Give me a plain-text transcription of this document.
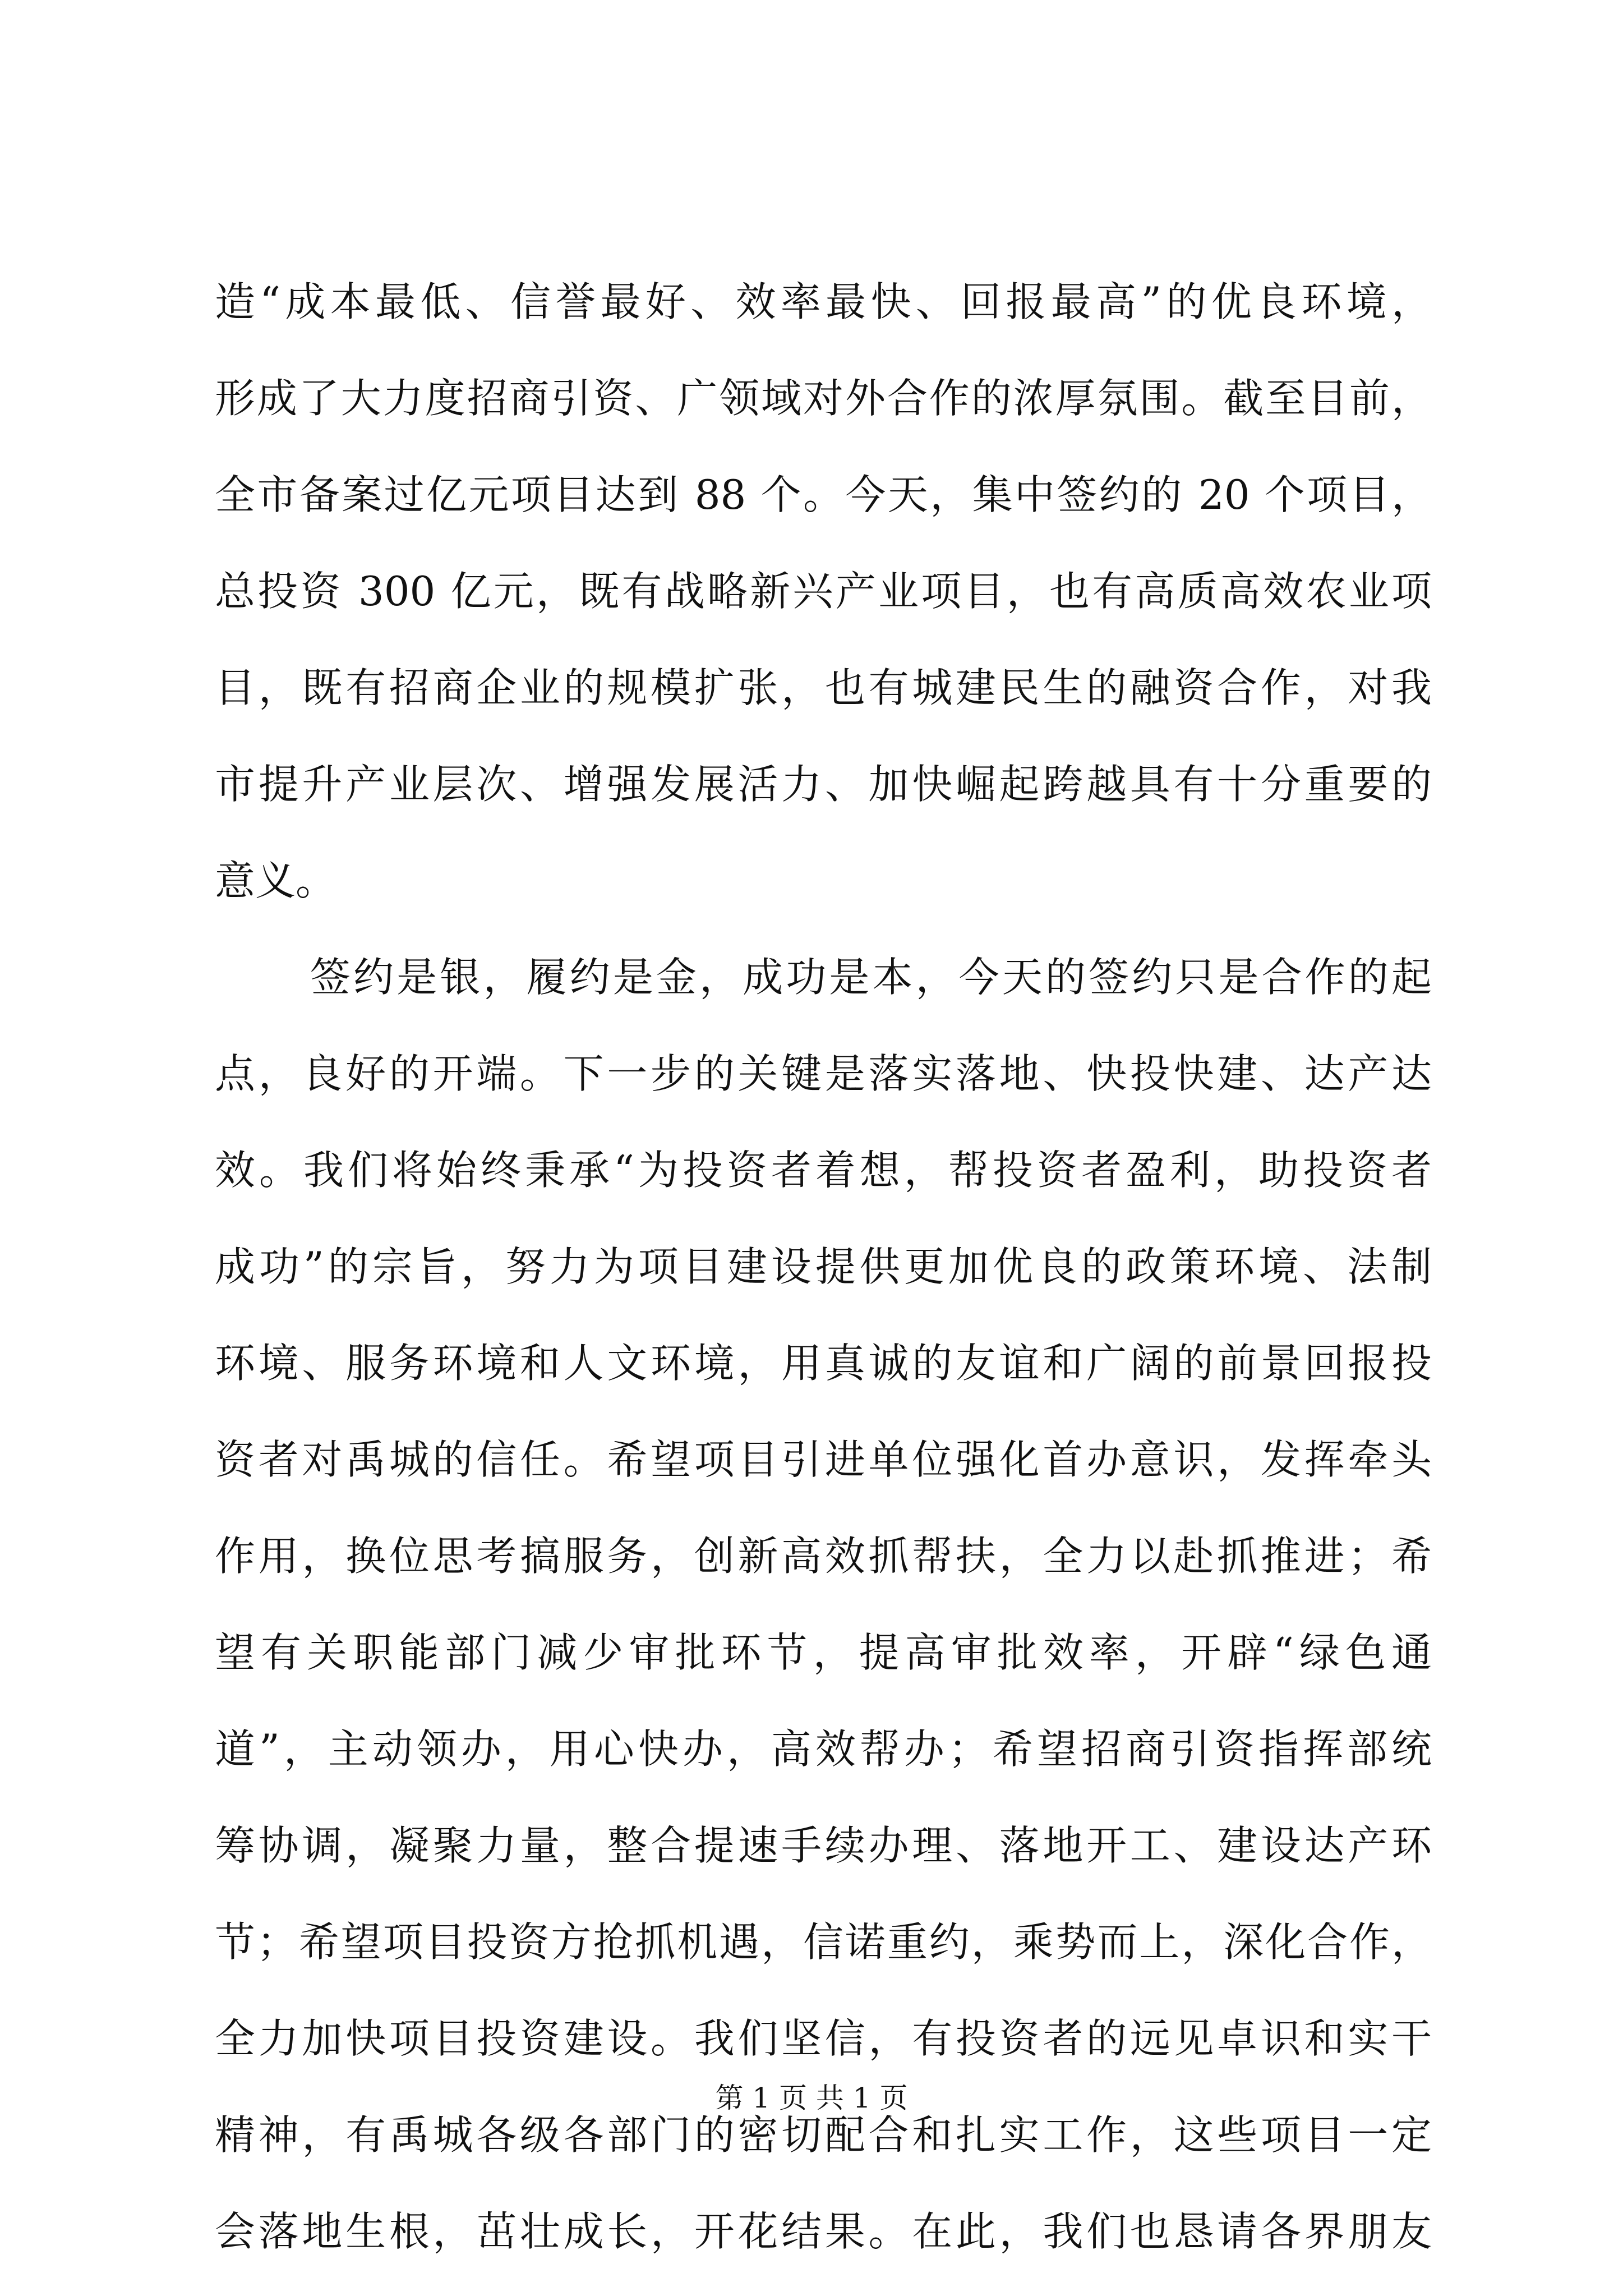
造“成本最低、信誉最好、效率最快、回报最高”的优良环境，
形成了大力度招商引资、广领域对外合作的浓厚氛围。截至目前，
全市备案过亿元项目达到 88 个。今天，集中签约的 20 个项目，
总投资 300 亿元，既有战略新兴产业项目，也有高质高效农业项
目，既有招商企业的规模扩张，也有城建民生的融资合作，对我
市提升产业层次、增强发展活力、加快崛起跨越具有十分重要的
意义。
签约是银，履约是金，成功是本，今天的签约只是合作的起
点，良好的开端。下一步的关键是落实落地、快投快建、达产达
效。我们将始终秉承“为投资者着想，帮投资者盈利，助投资者
成功”的宗旨，努力为项目建设提供更加优良的政策环境、法制
环境、服务环境和人文环境，用真诚的友谊和广阔的前景回报投
资者对禹城的信任。希望项目引进单位强化首办意识，发挥牵头
作用，换位思考搞服务，创新高效抓帮扶，全力以赴抓推进；希
望有关职能部门减少审批环节，提高审批效率，开辟“绿色通
道”，主动领办，用心快办，高效帮办；希望招商引资指挥部统
筹协调，凝聚力量，整合提速手续办理、落地开工、建设达产环
节；希望项目投资方抢抓机遇，信诺重约，乘势而上，深化合作，
全力加快项目投资建设。我们坚信，有投资者的远见卓识和实干
精神，有禹城各级各部门的密切配合和扎实工作，这些项目一定
会落地生根，茁壮成长，开花结果。在此，我们也恳请各界朋友
第 1 页 共 1 页
